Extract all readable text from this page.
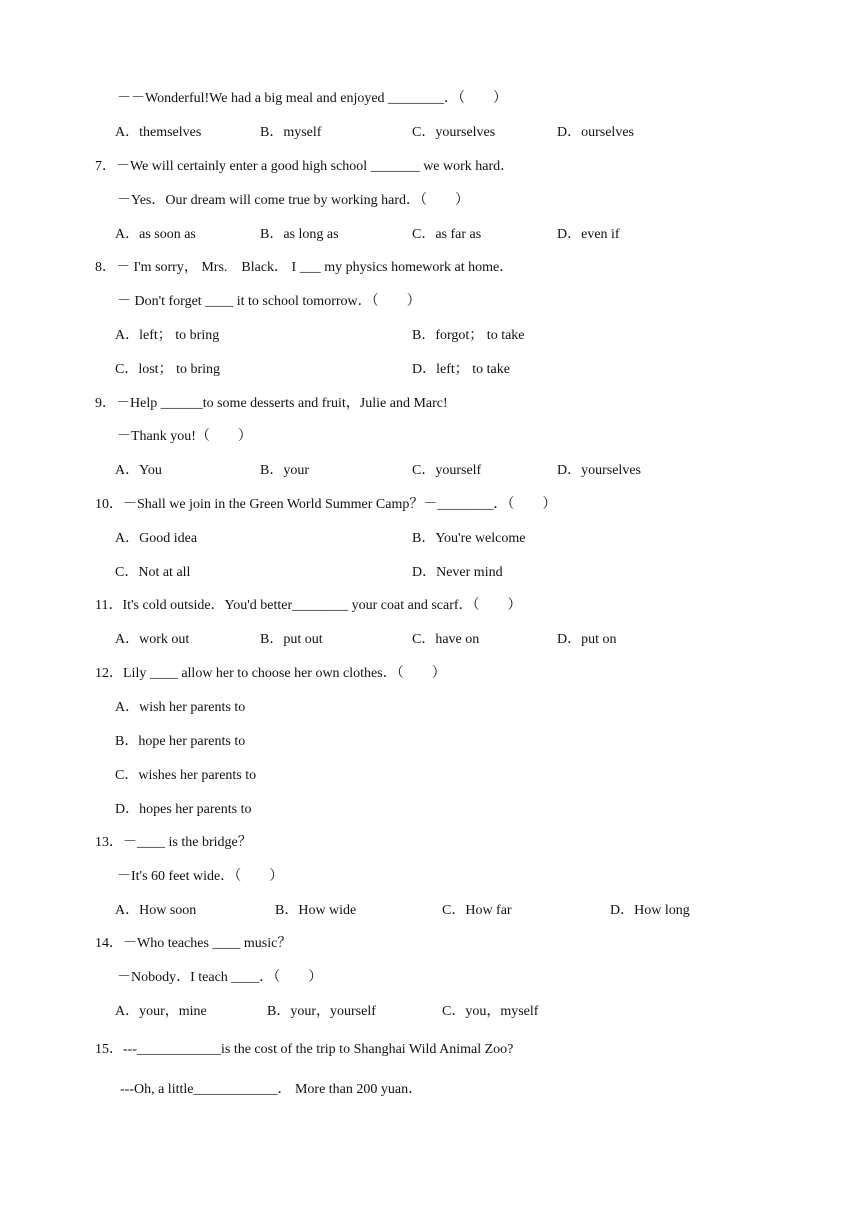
－－Wonderful!We had a big meal and enjoyed ________．（　　）
A．themselves	B．myself	C．yourselves	D．ourselves
7．－We will certainly enter a good high school _______ we work hard．
－Yes．Our dream will come true by working hard．（　　）
A．as soon as	B．as long as	C．as far as	D．even if
8．－ I'm sorry， Mrs.　Black． I ___ my physics homework at home．
－ Don't forget ____ it to school tomorrow．（　　）
A．left； to bring	B．forgot； to take
C．lost； to bring	D．left； to take
9．－Help ______to some desserts and fruit，Julie and Marc!
－Thank you!（　　）
A．You	B．your	C．yourself	D．yourselves
10．－Shall we join in the Green World Summer Camp？－________．（　　）
A．Good idea	B．You're welcome
C．Not at all	D．Never mind
11．It's cold outside．You'd better________ your coat and scarf．（　　）
A．work out	B．put out	C．have on	D．put on
12．Lily ____ allow her to choose her own clothes．（　　）
A．wish her parents to
B．hope her parents to
C．wishes her parents to
D．hopes her parents to
13．－____ is the bridge？
－It's 60 feet wide．（　　）
A．How soon	B．How wide	C．How far	D．How long
14．－Who teaches ____ music？
－Nobody．I teach ____．（　　）
A．your，mine	B．your，yourself	C．you，myself
15．---____________is the cost of the trip to Shanghai Wild Animal Zoo?
---Oh, a little____________． More than 200 yuan．
